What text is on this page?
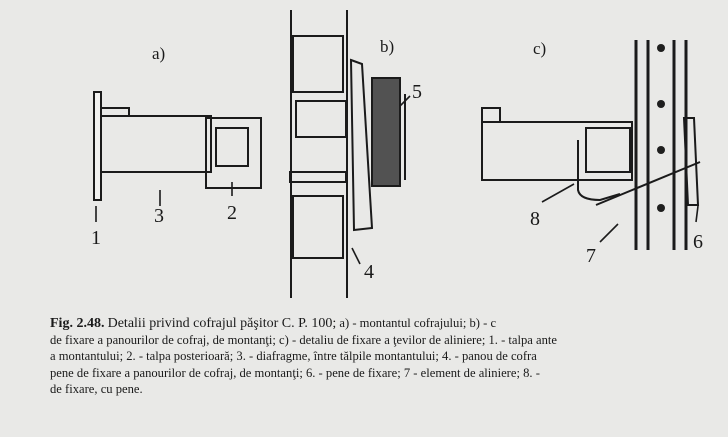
a)	b)	c)
1
2
3
4
5
6
7
8
Fig. 2.48. Detalii privind cofrajul păşitor C. P. 100; a) - montantul cofrajului; b) - c
de fixare a panourilor de cofraj, de montanţi; c) - detaliu de fixare a ţevilor de aliniere; 1. - talpa ante
a montantului; 2. - talpa posterioară; 3. - diafragme, între tălpile montantului; 4. - panou de cofra
pene de fixare a panourilor de cofraj, de montanţi; 6. - pene de fixare; 7 - element de aliniere; 8. -
de fixare, cu pene.
